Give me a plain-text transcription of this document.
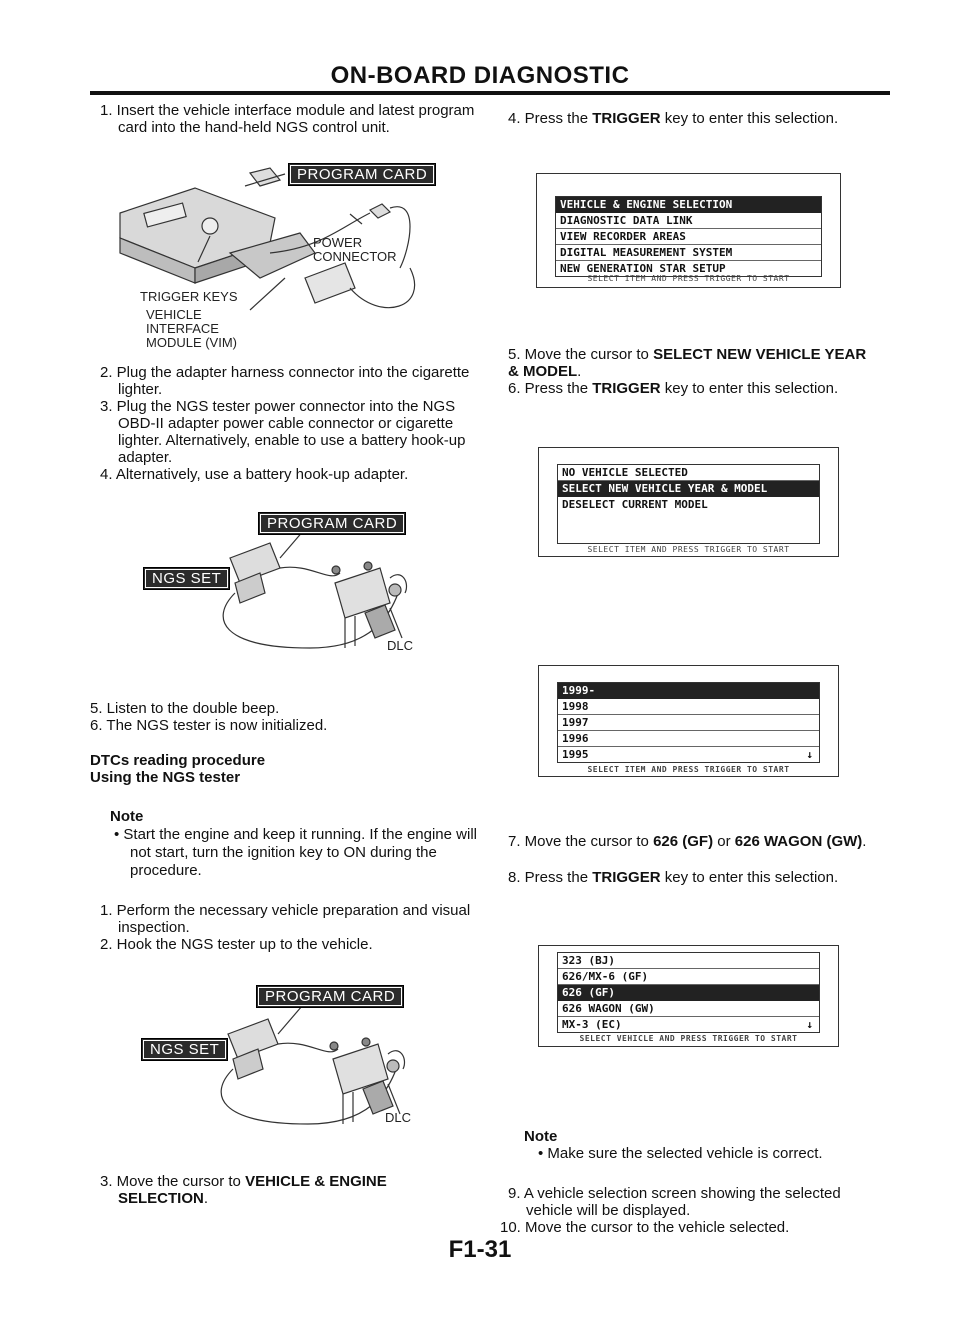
ON-BOARD DIAGNOSTIC
1. Insert the vehicle interface module and latest program card into the hand-held NGS control unit.
PROGRAM CARD
POWER CONNECTOR
TRIGGER KEYS
VEHICLE INTERFACE MODULE (VIM)
2. Plug the adapter harness connector into the cigarette lighter.
3. Plug the NGS tester power connector into the NGS OBD-II adapter power cable connector or cigarette lighter. Alternatively, enable to use a battery hook-up adapter.
4. Alternatively, use a battery hook-up adapter.
PROGRAM CARD
NGS SET
DLC
5. Listen to the double beep.
6. The NGS tester is now initialized.
DTCs reading procedure
Using the NGS tester
Note
• Start the engine and keep it running. If the engine will not start, turn the ignition key to ON during the procedure.
1. Perform the necessary vehicle preparation and visual inspection.
2. Hook the NGS tester up to the vehicle.
PROGRAM CARD
NGS SET
DLC
3. Move the cursor to VEHICLE & ENGINE SELECTION.
4. Press the TRIGGER key to enter this selection.
VEHICLE & ENGINE SELECTION
DIAGNOSTIC DATA LINK
VIEW RECORDER AREAS
DIGITAL MEASUREMENT SYSTEM
NEW GENERATION STAR SETUP
SELECT ITEM AND PRESS TRIGGER TO START
5. Move the cursor to SELECT NEW VEHICLE YEAR & MODEL.
6. Press the TRIGGER key to enter this selection.
NO VEHICLE SELECTED
SELECT NEW VEHICLE YEAR & MODEL
DESELECT CURRENT MODEL
SELECT ITEM AND PRESS TRIGGER TO START
1999-
1998
1997
1996
1995	↓
SELECT ITEM AND PRESS TRIGGER TO START
7. Move the cursor to 626 (GF) or 626 WAGON (GW).
8. Press the TRIGGER key to enter this selection.
323 (BJ)
626/MX-6 (GF)
626 (GF)
626 WAGON (GW)
MX-3 (EC)	↓
SELECT VEHICLE AND PRESS TRIGGER TO START
Note
• Make sure the selected vehicle is correct.
9. A vehicle selection screen showing the selected vehicle will be displayed.
10. Move the cursor to the vehicle selected.
F1-31
